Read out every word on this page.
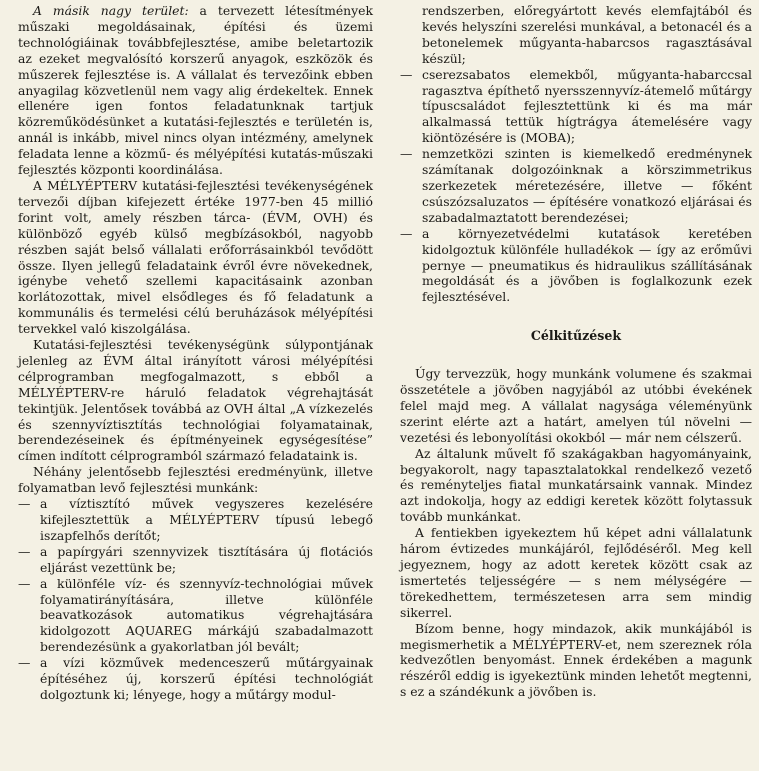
A másik nagy terület: a tervezett létesítmények műszaki megoldásainak, építési és üzemi technológiáinak továbbfejlesztése, amibe beletartozik az ezeket megvalósító korszerű anyagok, eszközök és műszerek fejlesztése is. A vállalat és tervezőink ebben anyagilag közvetlenül nem vagy alig érdekeltek. Ennek ellenére igen fontos feladatunknak tartjuk közreműködésünket a kutatási-fejlesztés e területén is, annál is inkább, mivel nincs olyan intézmény, amelynek feladata lenne a közmű- és mélyépítési kutatás-műszaki fejlesztés központi koordinálása.

A MÉLYÉPTERV kutatási-fejlesztési tevékenységének tervezői díjban kifejezett értéke 1977-ben 45 millió forint volt, amely részben tárca- (ÉVM, OVH) és különböző egyéb külső megbízásokból, nagyobb részben saját belső vállalati erőforrásainkból tevődött össze. Ilyen jellegű feladataink évről évre növekednek, igénybe vehető szellemi kapacitásaink azonban korlátozottak, mivel elsődleges és fő feladatunk a kommunális és termelési célú beruházások mélyépítési tervekkel való kiszolgálása.

Kutatási-fejlesztési tevékenységünk súlypontjának jelenleg az ÉVM által irányított városi mélyépítési célprogramban megfogalmazott, s ebből a MÉLYÉPTERV-re háruló feladatok végrehajtását tekintjük. Jelentősek továbbá az OVH által „A vízkezelés és szennyvíztisztítás technológiai folyamatainak, berendezéseinek és építményeinek egységesítése” címen indított célprogramból származó feladataink is.

Néhány jelentősebb fejlesztési eredményünk, illetve folyamatban levő fejlesztési munkánk:

— a víztisztító művek vegyszeres kezelésére kifejlesztettük a MÉLYÉPTERV típusú lebegő iszapfelhős derítőt;
— a papírgyári szennyvizek tisztítására új flotációs eljárást vezettünk be;
— a különféle víz- és szennyvíz-technológiai művek folyamatirányítására, illetve különféle beavatkozások automatikus végrehajtására kidolgozott AQUAREG márkájú szabadalmazott berendezésünk a gyakorlatban jól bevált;
— a vízi közművek medenceszerű műtárgyainak építéséhez új, korszerű építési technológiát dolgoztunk ki; lényege, hogy a műtárgy modul-

rendszerben, előregyártott kevés elemfajtából és kevés helyszíni szerelési munkával, a betonacél és a betonelemek műgyanta-habarcsos ragasztásával készül;

— cserezsabatos elemekből, műgyanta-habarccsal ragasztva építhető nyersszennyvíz-átemelő műtárgy típuscsaládot fejlesztettünk ki és ma már alkalmassá tettük hígtrágya átemelésére vagy kiöntözésére is (MOBA);
— nemzetközi szinten is kiemelkedő eredménynek számítanak dolgozóinknak a körszimmetrikus szerkezetek méretezésére, illetve — főként csúszózsaluzatos — építésére vonatkozó eljárásai és szabadalmaztatott berendezései;
— a környezetvédelmi kutatások keretében kidolgoztuk különféle hulladékok — így az erőművi pernye — pneumatikus és hidraulikus szállításának megoldását és a jövőben is foglalkozunk ezek fejlesztésével.
Célkitűzések

Úgy tervezzük, hogy munkánk volumene és szakmai összetétele a jövőben nagyjából az utóbbi évekének felel majd meg. A vállalat nagysága véleményünk szerint elérte azt a határt, amelyen túl növelni — vezetési és lebonyolítási okokból — már nem célszerű.

Az általunk művelt fő szakágakban hagyományaink, begyakorolt, nagy tapasztalatokkal rendelkező vezető és reményteljes fiatal munkatársaink vannak. Mindez azt indokolja, hogy az eddigi keretek között folytassuk tovább munkánkat.

A fentiekben igyekeztem hű képet adni vállalatunk három évtizedes munkájáról, fejlődéséről. Meg kell jegyeznem, hogy az adott keretek között csak az ismertetés teljességére — s nem mélységére — törekedhettem, természetesen arra sem mindig sikerrel.

Bízom benne, hogy mindazok, akik munkájából is megismerhetik a MÉLYÉPTERV-et, nem szereznek róla kedvezőtlen benyomást. Ennek érdekében a magunk részéről eddig is igyekeztünk minden lehetőt megtenni, s ez a szándékunk a jövőben is.
